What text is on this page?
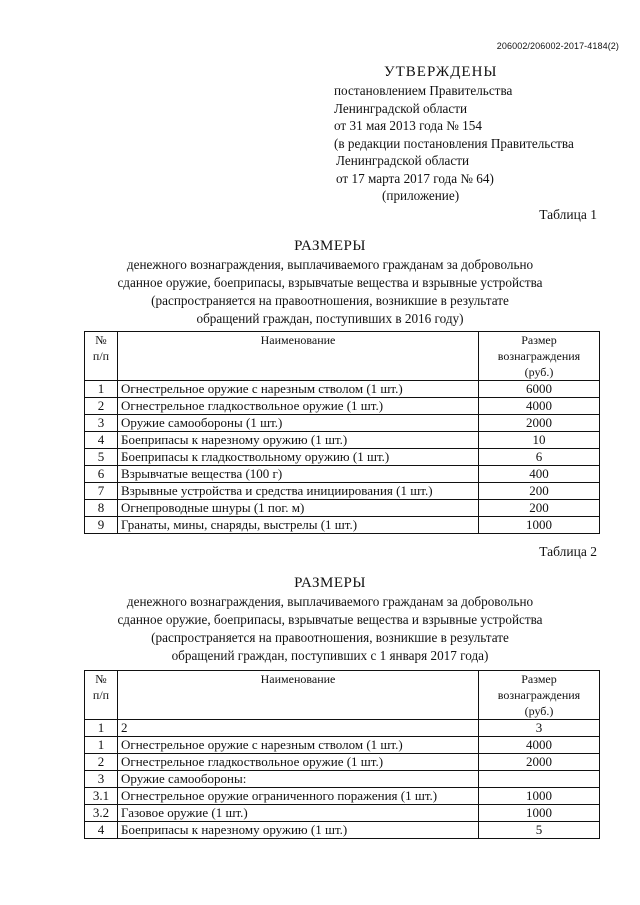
206002/206002-2017-4184(2)
УТВЕРЖДЕНЫ
постановлением Правительства
Ленинградской области
от 31 мая 2013 года № 154
(в редакции постановления Правительства
Ленинградской области
от 17 марта 2017 года № 64)
(приложение)
Таблица 1
РАЗМЕРЫ
денежного вознаграждения, выплачиваемого гражданам за добровольно
сданное оружие, боеприпасы, взрывчатые вещества и взрывные устройства
(распространяется на правоотношения, возникшие в результате
обращений граждан, поступивших в 2016 году)
№
п/п	Наименование	Размер
вознаграждения
(руб.)
1	Огнестрельное оружие с нарезным стволом (1 шт.)	6000
2	Огнестрельное гладкоствольное оружие (1 шт.)	4000
3	Оружие самообороны (1 шт.)	2000
4	Боеприпасы к нарезному оружию (1 шт.)	10
5	Боеприпасы к гладкоствольному оружию (1 шт.)	6
6	Взрывчатые вещества (100 г)	400
7	Взрывные устройства и средства инициирования (1 шт.)	200
8	Огнепроводные шнуры (1 пог. м)	200
9	Гранаты, мины, снаряды, выстрелы (1 шт.)	1000
Таблица 2
РАЗМЕРЫ
денежного вознаграждения, выплачиваемого гражданам за добровольно
сданное оружие, боеприпасы, взрывчатые вещества и взрывные устройства
(распространяется на правоотношения, возникшие в результате
обращений граждан, поступивших с 1 января 2017 года)
№
п/п	Наименование	Размер
вознаграждения
(руб.)
1	2	3
1	Огнестрельное оружие с нарезным стволом (1 шт.)	4000
2	Огнестрельное гладкоствольное оружие (1 шт.)	2000
3	Оружие самообороны:	
3.1	Огнестрельное оружие ограниченного поражения (1 шт.)	1000
3.2	Газовое оружие (1 шт.)	1000
4	Боеприпасы к нарезному оружию (1 шт.)	5
